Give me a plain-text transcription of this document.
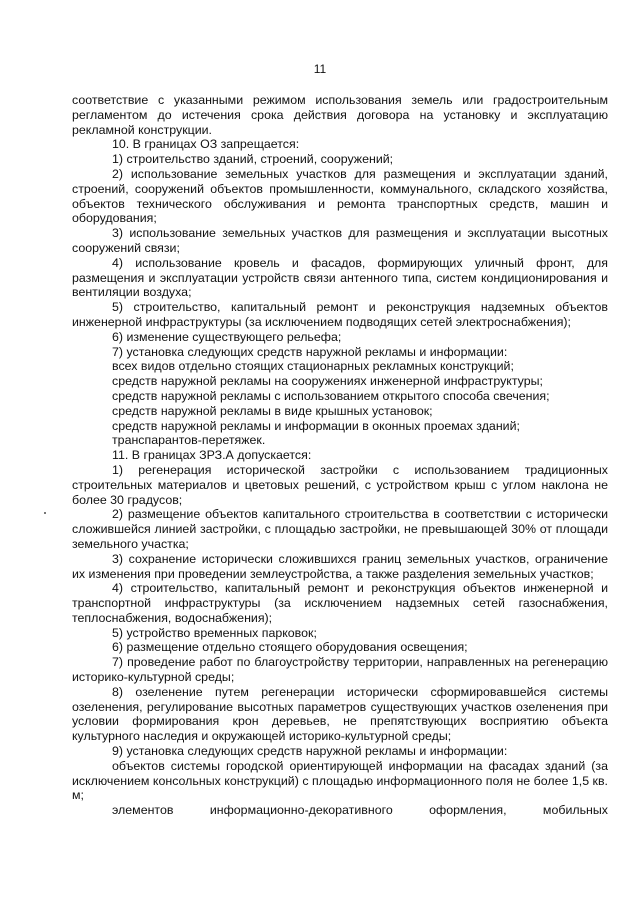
11

соответствие с указанными режимом использования земель или градостроительным регламентом до истечения срока действия договора на установку и эксплуатацию рекламной конструкции.

10. В границах ОЗ запрещается:

1) строительство зданий, строений, сооружений;

2) использование земельных участков для размещения и эксплуатации зданий, строений, сооружений объектов промышленности, коммунального, складского хозяйства, объектов технического обслуживания и ремонта транспортных средств, машин и оборудования;

3) использование земельных участков для размещения и эксплуатации высотных сооружений связи;

4) использование кровель и фасадов, формирующих уличный фронт, для размещения и эксплуатации устройств связи антенного типа, систем кондиционирования и вентиляции воздуха;

5) строительство, капитальный ремонт и реконструкция надземных объектов инженерной инфраструктуры (за исключением подводящих сетей электроснабжения);

6) изменение существующего рельефа;

7) установка следующих средств наружной рекламы и информации:

всех видов отдельно стоящих стационарных рекламных конструкций;

средств наружной рекламы на сооружениях инженерной инфраструктуры;

средств наружной рекламы с использованием открытого способа свечения;

средств наружной рекламы в виде крышных установок;

средств наружной рекламы и информации в оконных проемах зданий;

транспарантов-перетяжек.

11. В границах ЗРЗ.А допускается:

1) регенерация исторической застройки с использованием традиционных строительных материалов и цветовых решений, с устройством крыш с углом наклона не более 30 градусов;

2) размещение объектов капитального строительства в соответствии с исторически сложившейся линией застройки, с площадью застройки, не превышающей 30% от площади земельного участка;

3) сохранение исторически сложившихся границ земельных участков, ограничение их изменения при проведении землеустройства, а также разделения земельных участков;

4) строительство, капитальный ремонт и реконструкция объектов инженерной и транспортной инфраструктуры (за исключением надземных сетей газоснабжения, теплоснабжения, водоснабжения);

5) устройство временных парковок;

6) размещение отдельно стоящего оборудования освещения;

7) проведение работ по благоустройству территории, направленных на регенерацию историко-культурной среды;

8) озеленение путем регенерации исторически сформировавшейся системы озеленения, регулирование высотных параметров существующих участков озеленения при условии формирования крон деревьев, не препятствующих восприятию объекта культурного наследия и окружающей историко-культурной среды;

9) установка следующих средств наружной рекламы и информации:

объектов системы городской ориентирующей информации на фасадах зданий (за исключением консольных конструкций) с площадью информационного поля не более 1,5 кв. м;

элементов информационно-декоративного оформления, мобильных
